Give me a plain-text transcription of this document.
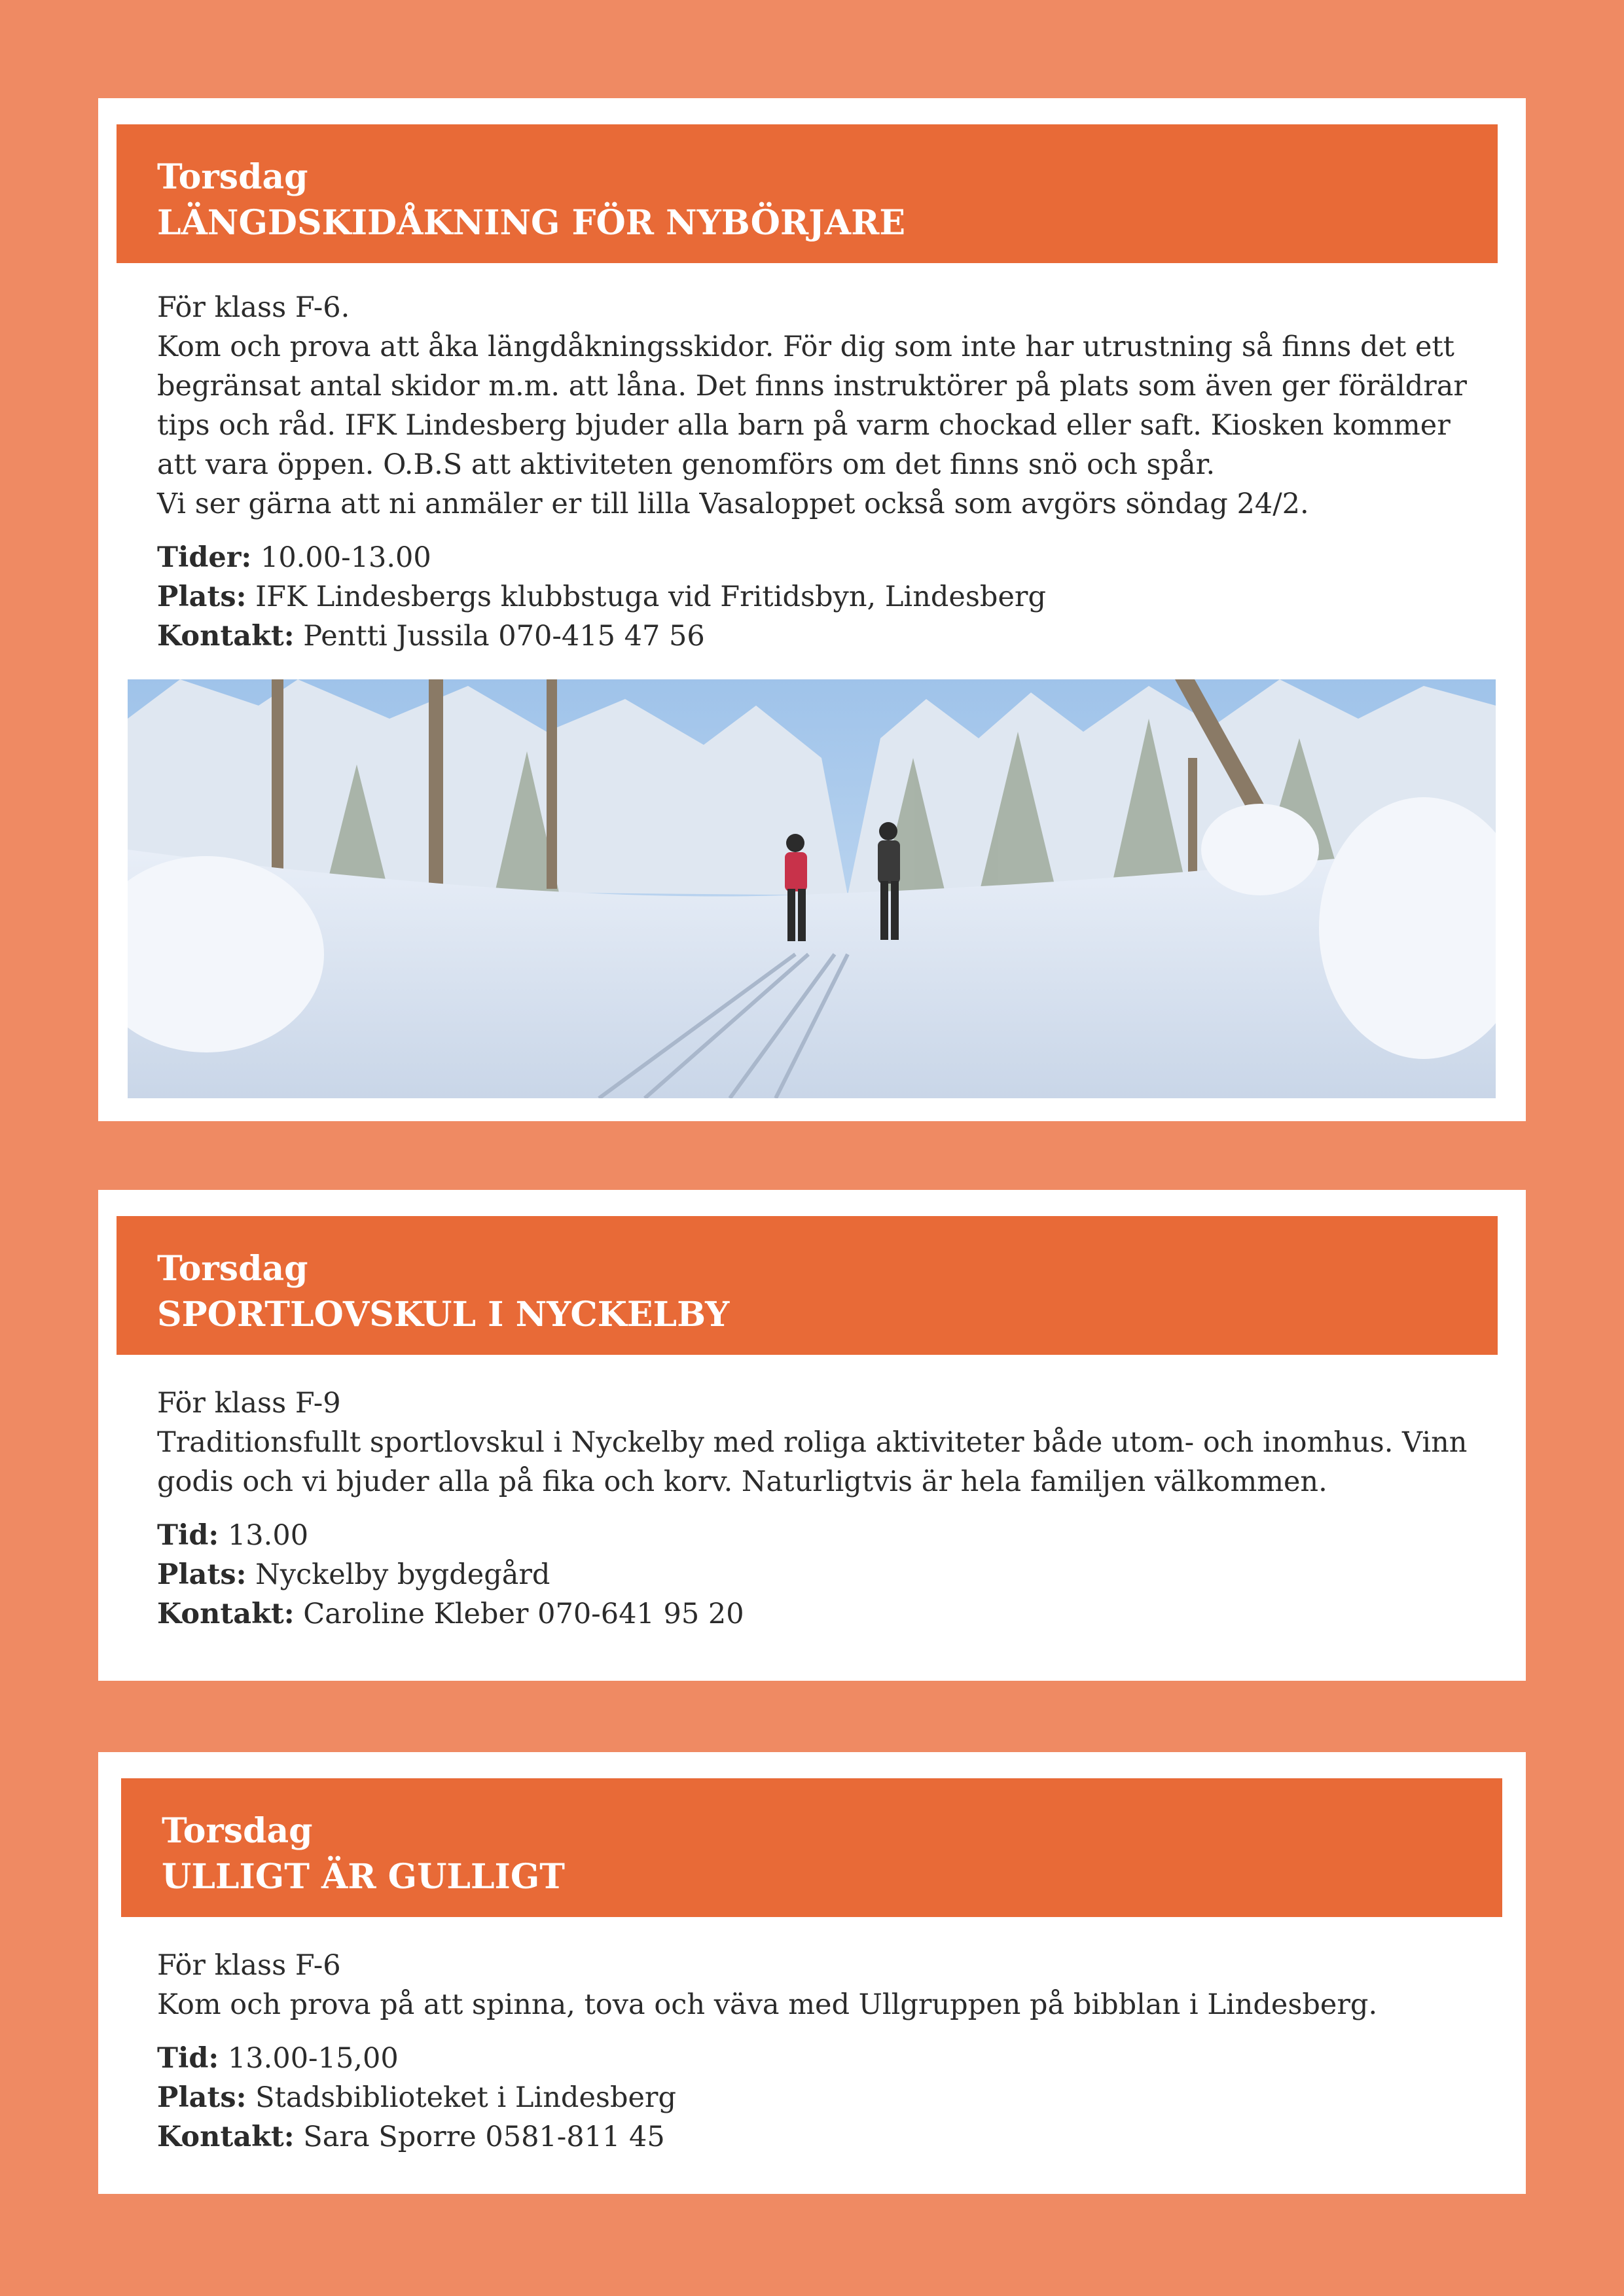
Torsdag
LÄNGDSKIDÅKNING FÖR NYBÖRJARE

För klass F-6.

Kom och prova att åka längdåkningsskidor. För dig som inte har utrustning så finns det ett begränsat antal skidor m.m. att låna. Det finns instruktörer på plats som även ger föräldrar tips och råd. IFK Lindesberg bjuder alla barn på varm chockad eller saft. Kiosken kommer att vara öppen. O.B.S att aktiviteten genomförs om det finns snö och spår.

Vi ser gärna att ni anmäler er till lilla Vasaloppet också som avgörs söndag 24/2.

Tider: 10.00-13.00
Plats: IFK Lindesbergs klubbstuga vid Fritidsbyn, Lindesberg
Kontakt: Pentti Jussila 070-415 47 56
Torsdag
SPORTLOVSKUL I NYCKELBY

För klass F-9

Traditionsfullt sportlovskul i Nyckelby med roliga aktiviteter både utom- och inomhus. Vinn godis och vi bjuder alla på fika och korv. Naturligtvis är hela familjen välkommen.

Tid: 13.00
Plats: Nyckelby bygdegård
Kontakt: Caroline Kleber 070-641 95 20
Torsdag
ULLIGT ÄR GULLIGT

För klass F-6

Kom och prova på att spinna, tova och väva med Ullgruppen på bibblan i Lindesberg.

Tid: 13.00-15,00
Plats: Stadsbiblioteket i Lindesberg
Kontakt: Sara Sporre 0581-811 45
